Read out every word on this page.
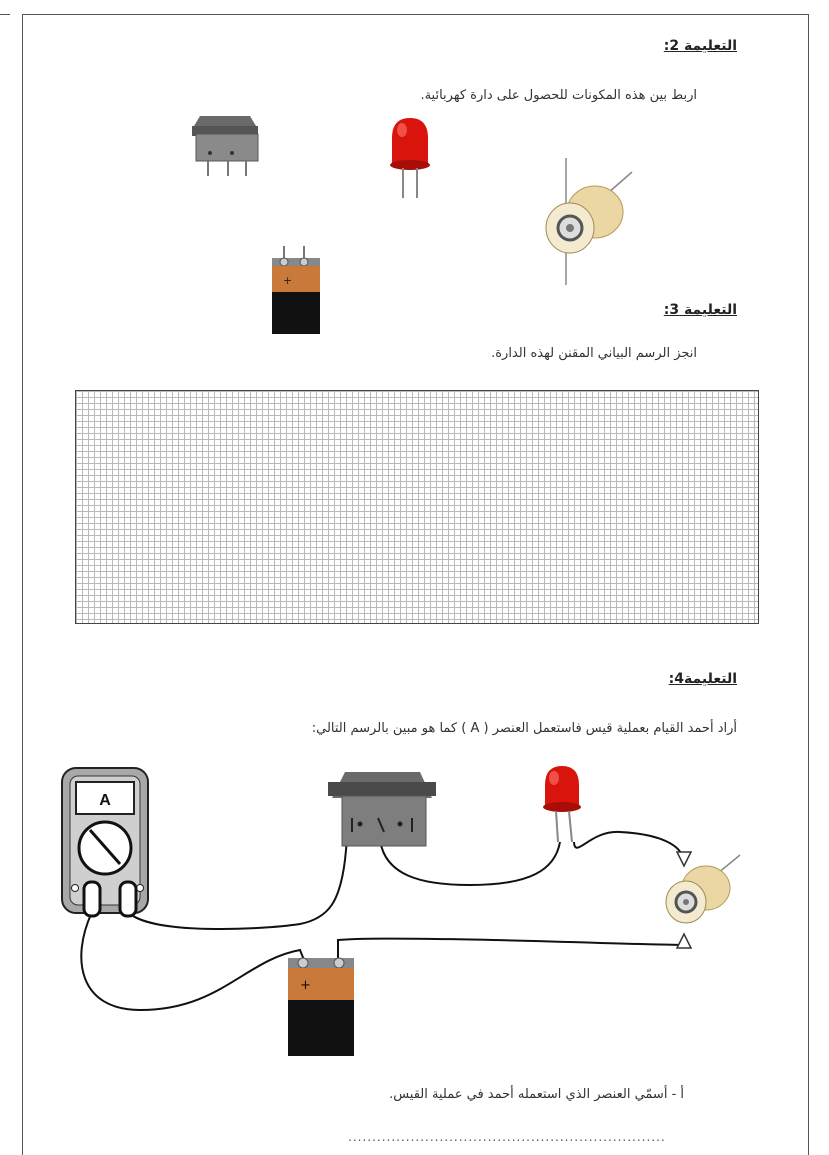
التعليمة 2:
اربط بين هذه المكونات للحصول على دارة كهربائية.
+
التعليمة 3:
انجز الرسم البياني المقنن لهذه الدارة.
التعليمة4:
أراد أحمد القيام بعملية قيس فاستعمل العنصر ( A ) كما هو مبين بالرسم التالي:
A
+
أ - أسمّي العنصر الذي استعمله أحمد في عملية القيس.
..................................................................
